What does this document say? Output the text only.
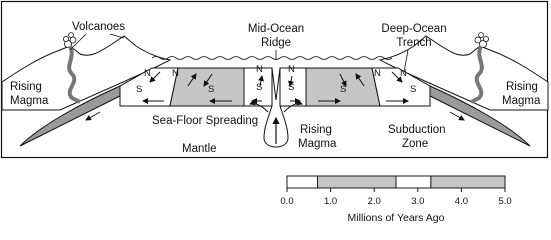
N
S
N
S
N
S
N
S	S
N
S
N
Volcanoes	Mid-Ocean
Ridge
Deep-Ocean
Trench
Rising
Magma
Rising
Magma
Rising
Magma
Sea-Floor Spreading
Mantle
Subduction
Zone
0.0	1.0	2.0	3.0	4.0	5.0
Millions of Years Ago
